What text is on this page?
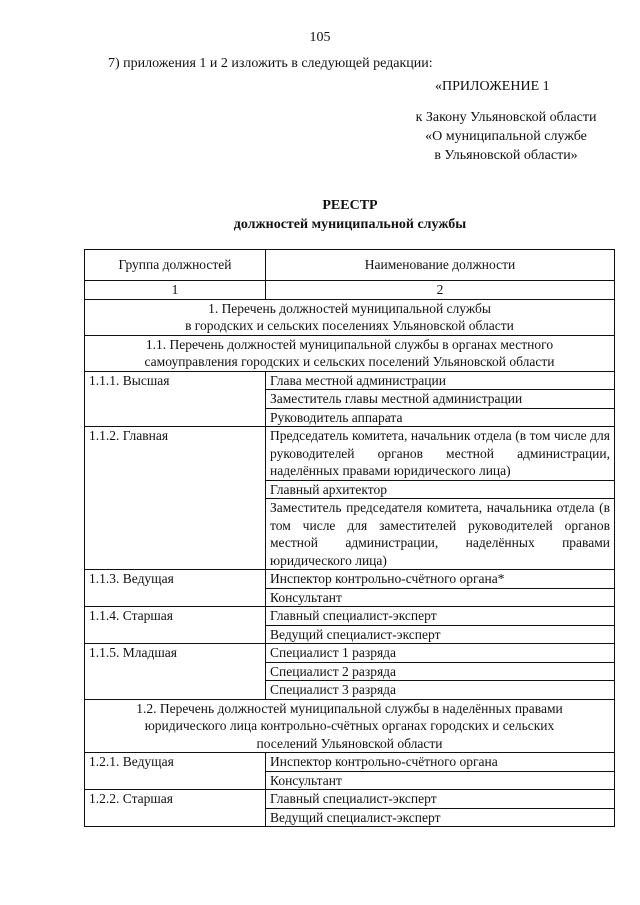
105
7) приложения 1 и 2 изложить в следующей редакции:
«ПРИЛОЖЕНИЕ 1
к Закону Ульяновской области
«О муниципальной службе
в Ульяновской области»
РЕЕСТР
должностей муниципальной службы
Группа должностей	Наименование должности
1	2

1. Перечень должностей муниципальной службы
в городских и сельских поселениях Ульяновской области	

1.1. Перечень должностей муниципальной службы в органах местного
самоуправления городских и сельских поселений Ульяновской области	

1.1.1. Высшая	Глава местной администрации
	Заместитель главы местной администрации
	Руководитель аппарата
1.1.2. Главная	Председатель комитета, начальник отдела (в том числе для руководителей органов местной администрации, наделённых правами юридического лица)
	Главный архитектор
	Заместитель председателя комитета, начальника отдела (в том числе для заместителей руководителей органов местной администрации, наделённых правами юридического лица)
1.1.3. Ведущая	Инспектор контрольно-счётного органа*
	Консультант
1.1.4. Старшая	Главный специалист-эксперт
	Ведущий специалист-эксперт
1.1.5. Младшая	Специалист 1 разряда
	Специалист 2 разряда
	Специалист 3 разряда

1.2. Перечень должностей муниципальной службы в наделённых правами
юридического лица контрольно-счётных органах городских и сельских
поселений Ульяновской области	

1.2.1. Ведущая	Инспектор контрольно-счётного органа
	Консультант
1.2.2. Старшая	Главный специалист-эксперт
	Ведущий специалист-эксперт
